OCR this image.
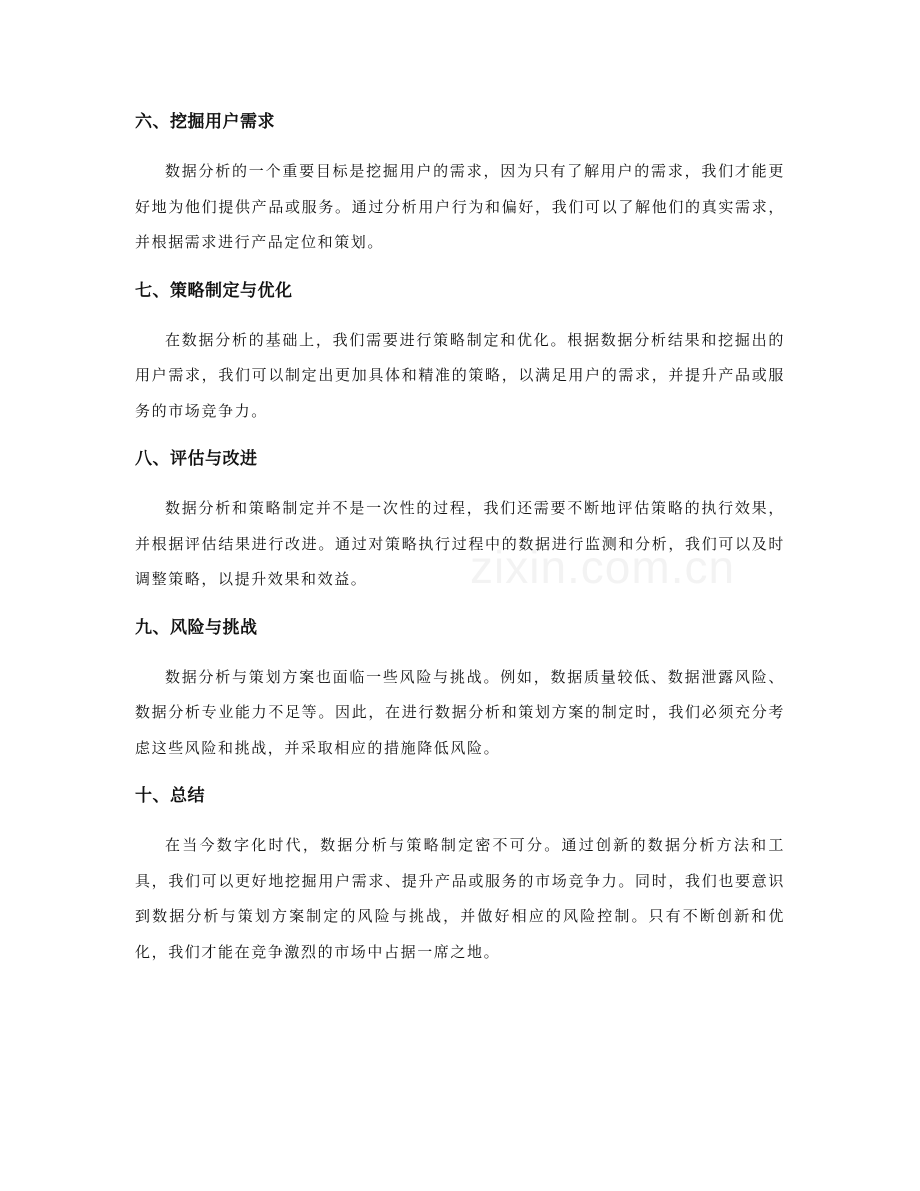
zixin.com.cn
六、挖掘用户需求

数据分析的一个重要目标是挖掘用户的需求，因为只有了解用户的需求，我们才能更好地为他们提供产品或服务。通过分析用户行为和偏好，我们可以了解他们的真实需求，并根据需求进行产品定位和策划。

七、策略制定与优化

在数据分析的基础上，我们需要进行策略制定和优化。根据数据分析结果和挖掘出的用户需求，我们可以制定出更加具体和精准的策略，以满足用户的需求，并提升产品或服务的市场竞争力。

八、评估与改进

数据分析和策略制定并不是一次性的过程，我们还需要不断地评估策略的执行效果，并根据评估结果进行改进。通过对策略执行过程中的数据进行监测和分析，我们可以及时调整策略，以提升效果和效益。

九、风险与挑战

数据分析与策划方案也面临一些风险与挑战。例如，数据质量较低、数据泄露风险、数据分析专业能力不足等。因此，在进行数据分析和策划方案的制定时，我们必须充分考虑这些风险和挑战，并采取相应的措施降低风险。

十、总结

在当今数字化时代，数据分析与策略制定密不可分。通过创新的数据分析方法和工具，我们可以更好地挖掘用户需求、提升产品或服务的市场竞争力。同时，我们也要意识到数据分析与策划方案制定的风险与挑战，并做好相应的风险控制。只有不断创新和优化，我们才能在竞争激烈的市场中占据一席之地。
